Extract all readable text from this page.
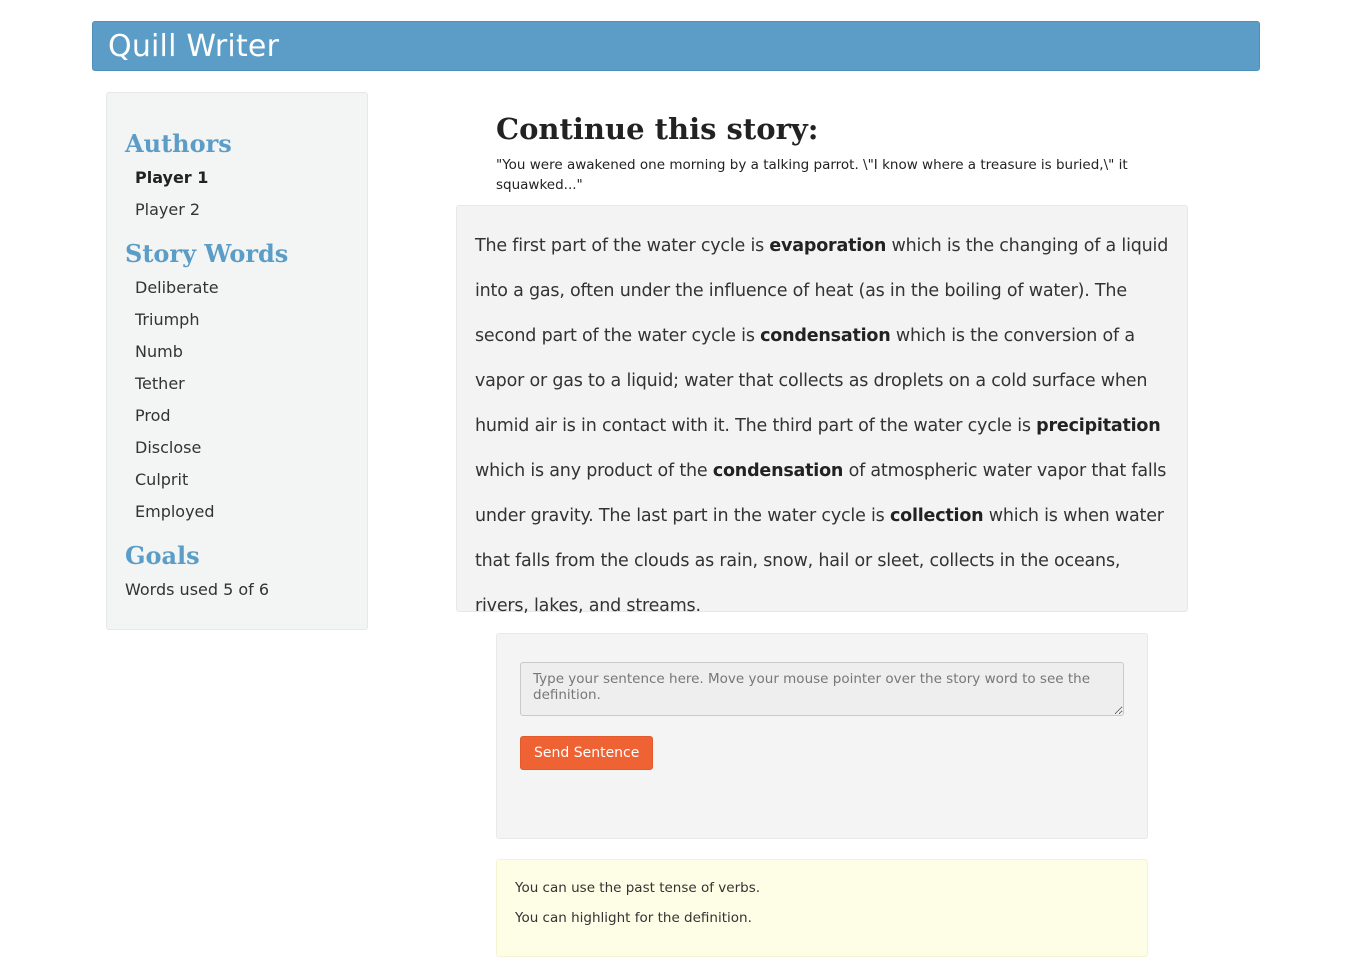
Quill Writer
Authors
Player 1
Player 2
Story Words
Deliberate
Triumph
Numb
Tether
Prod
Disclose
Culprit
Employed
Goals
Words used 5 of 6
Continue this story:
"You were awakened one morning by a talking parrot. \"I know where a treasure is buried,\" it squawked..."

The first part of the water cycle is evaporation which is the changing of a liquid into a gas, often under the influence of heat (as in the boiling of water). The second part of the water cycle is condensation which is the conversion of a vapor or gas to a liquid; water that collects as droplets on a cold surface when humid air is in contact with it. The third part of the water cycle is precipitation which is any product of the condensation of atmospheric water vapor that falls under gravity. The last part in the water cycle is collection which is when water that falls from the clouds as rain, snow, hail or sleet, collects in the oceans, rivers, lakes, and streams.

Type your sentence here. Move your mouse pointer over the story word to see the definition.
Send Sentence
You can use the past tense of verbs.
You can highlight for the definition.
